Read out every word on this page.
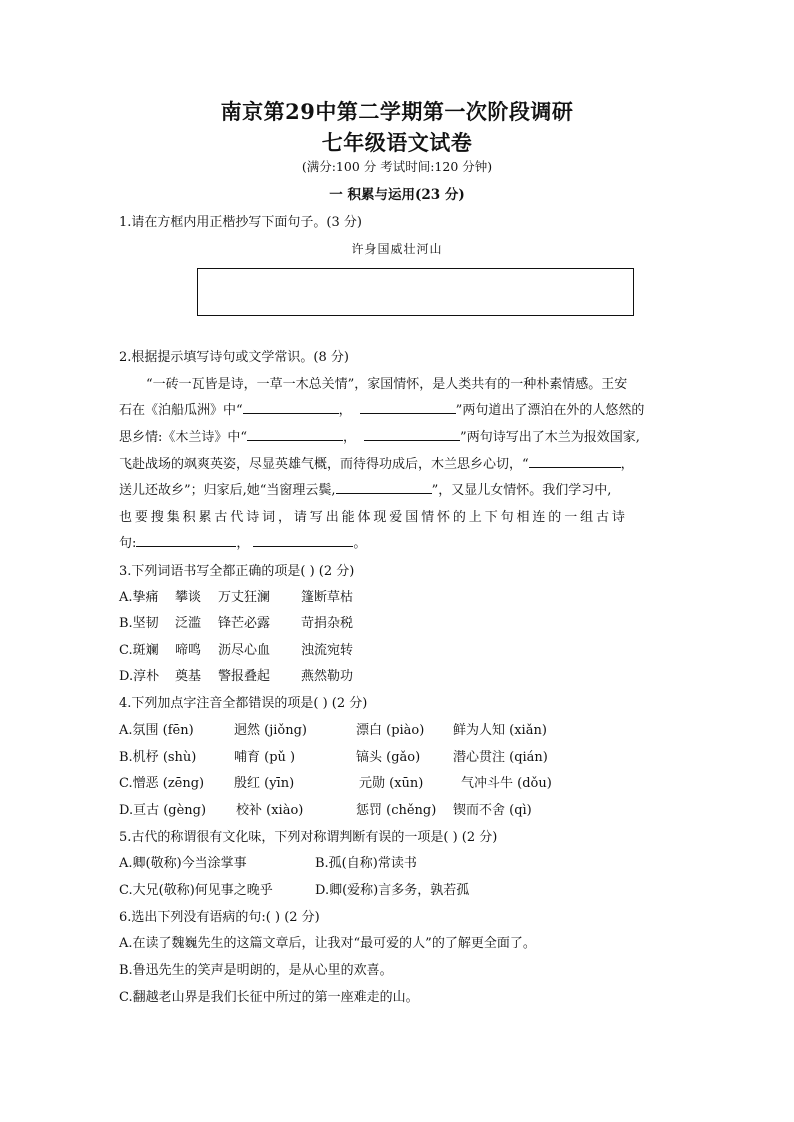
南京第29中第二学期第一次阶段调研
七年级语文试卷
(满分:100 分 考试时间:120 分钟)
一 积累与运用(23 分)
1.请在方框内用正楷抄写下面句子。(3 分)
许身国威壮河山
2.根据提示填写诗句或文学常识。(8 分)
“一砖一瓦皆是诗，一草一木总关情”，家国情怀，是人类共有的一种朴素情感。王安
石在《泊船瓜洲》中“	，	”两句道出了漂泊在外的人悠然的
思乡情:《木兰诗》中“	，	”两句诗写出了木兰为报效国家,
飞赴战场的飒爽英姿，尽显英雄气概，而待得功成后，木兰思乡心切，“	，
送儿还故乡”；归家后,她“当窗理云鬓,	”，又显儿女情怀。我们学习中,
也要搜集积累古代诗词，请写出能体现爱国情怀的上下句相连的一组古诗
句:	，	。
3.下列词语书写全都正确的项是( ) (2 分)
A.挚痛 攀谈 万丈狂澜 篷断草枯
B.坚韧 泛滥 锋芒必露 苛捐杂税
C.斑斓 啼鸣 沥尽心血 浊流宛转
D.淳朴 奠基 警报叠起 燕然勒功
4.下列加点字注音全都错误的项是( ) (2 分)
A.氛围 (fēn)	迥然 (jiǒng)	漂白 (piào) 鲜为人知 (xiǎn)
B.机杼 (shù)	哺育 (pǔ )	镐头 (gǎo)	潜心贯注 (qián)
C.憎恶 (zēng) 殷红 (yīn)	元勋 (xūn)	气冲斗牛 (dǒu)
D.亘古 (gèng) 校补 (xiào)	惩罚 (chěng) 锲而不舍 (qì)
5.古代的称谓很有文化味，下列对称谓判断有误的一项是( ) (2 分)
A.卿(敬称)今当涂掌事	B.孤(自称)常读书
C.大兄(敬称)何见事之晚乎	D.卿(爱称)言多务，孰若孤
6.选出下列没有语病的句:( ) (2 分)
A.在读了魏巍先生的这篇文章后，让我对“最可爱的人”的了解更全面了。
B.鲁迅先生的笑声是明朗的，是从心里的欢喜。
C.翻越老山界是我们长征中所过的第一座难走的山。
